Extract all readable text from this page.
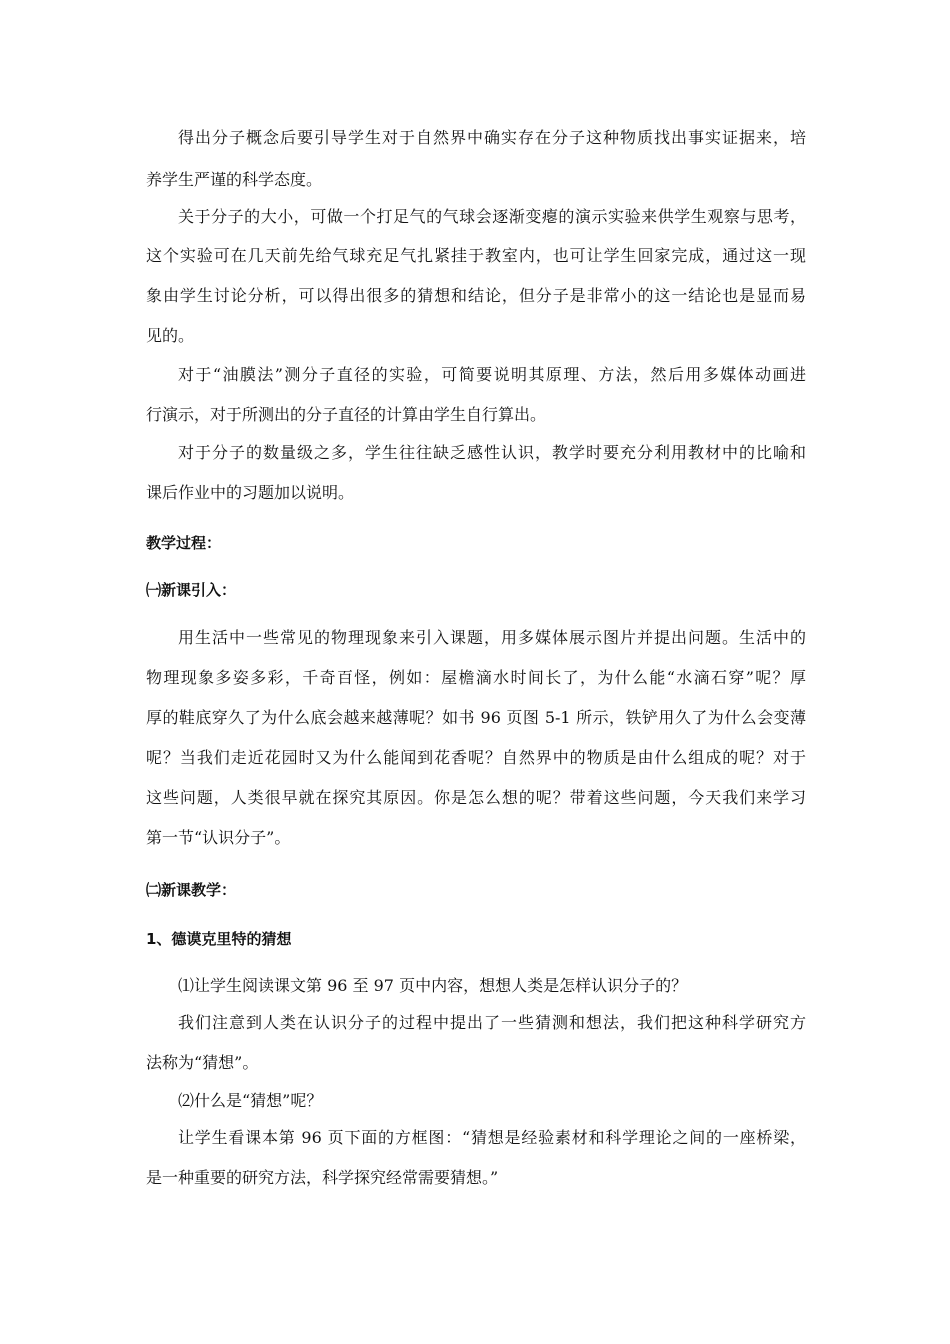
得出分子概念后要引导学生对于自然界中确实存在分子这种物质找出事实证据来，培
养学生严谨的科学态度。
关于分子的大小，可做一个打足气的气球会逐渐变瘪的演示实验来供学生观察与思考，
这个实验可在几天前先给气球充足气扎紧挂于教室内，也可让学生回家完成，通过这一现
象由学生讨论分析，可以得出很多的猜想和结论，但分子是非常小的这一结论也是显而易
见的。
对于“油膜法”测分子直径的实验，可简要说明其原理、方法，然后用多媒体动画进
行演示，对于所测出的分子直径的计算由学生自行算出。
对于分子的数量级之多，学生往往缺乏感性认识，教学时要充分利用教材中的比喻和
课后作业中的习题加以说明。
教学过程：
㈠新课引入：
用生活中一些常见的物理现象来引入课题，用多媒体展示图片并提出问题。生活中的
物理现象多姿多彩，千奇百怪，例如：屋檐滴水时间长了，为什么能“水滴石穿”呢？厚
厚的鞋底穿久了为什么底会越来越薄呢？如书 96 页图 5-1 所示，铁铲用久了为什么会变薄
呢？当我们走近花园时又为什么能闻到花香呢？自然界中的物质是由什么组成的呢？对于
这些问题，人类很早就在探究其原因。你是怎么想的呢？带着这些问题，今天我们来学习
第一节“认识分子”。
㈡新课教学：
1、德谟克里特的猜想
⑴让学生阅读课文第 96 至 97 页中内容，想想人类是怎样认识分子的？
我们注意到人类在认识分子的过程中提出了一些猜测和想法，我们把这种科学研究方
法称为“猜想”。
⑵什么是“猜想”呢？
让学生看课本第 96 页下面的方框图：“猜想是经验素材和科学理论之间的一座桥梁，
是一种重要的研究方法，科学探究经常需要猜想。”
